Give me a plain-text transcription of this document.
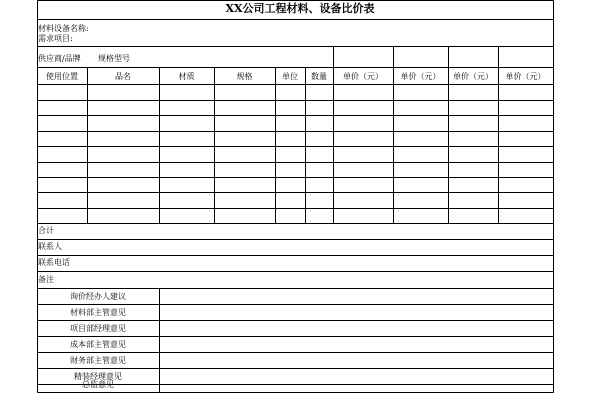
XX公司工程材料、设备比价表
材料设备名称:
需求项目:
供应商/品牌 规格型号
使用位置	品名	材质	规格	单位 数量 单价（元） 单价（元） 单价（元） 单价（元）
合计
联系人
联系电话
备注
询价经办人建议
材料部主管意见
项目部经理意见
成本部主管意见
财务部主管意见
精装经理意见
总监意见
